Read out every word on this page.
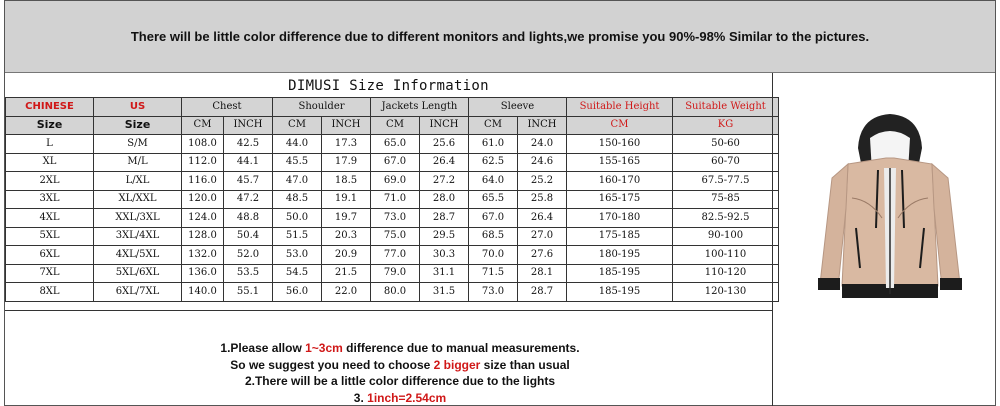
There will be little color difference due to different monitors and lights,we promise you 90%-98% Similar to the pictures.
DIMUSI Size Information
CHINESE	US	Chest		Shoulder		Jackets Length		Sleeve		Suitable Height	Suitable Weight
Size	Size	CM	INCH	CM	INCH	CM	INCH	CM	INCH	CM	KG
L	S/M	108.0	42.5	44.0	17.3	65.0	25.6	61.0	24.0	150-160	50-60
XL	M/L	112.0	44.1	45.5	17.9	67.0	26.4	62.5	24.6	155-165	60-70
2XL	L/XL	116.0	45.7	47.0	18.5	69.0	27.2	64.0	25.2	160-170	67.5-77.5
3XL	XL/XXL	120.0	47.2	48.5	19.1	71.0	28.0	65.5	25.8	165-175	75-85
4XL	XXL/3XL	124.0	48.8	50.0	19.7	73.0	28.7	67.0	26.4	170-180	82.5-92.5
5XL	3XL/4XL	128.0	50.4	51.5	20.3	75.0	29.5	68.5	27.0	175-185	90-100
6XL	4XL/5XL	132.0	52.0	53.0	20.9	77.0	30.3	70.0	27.6	180-195	100-110
7XL	5XL/6XL	136.0	53.5	54.5	21.5	79.0	31.1	71.5	28.1	185-195	110-120
8XL	6XL/7XL	140.0	55.1	56.0	22.0	80.0	31.5	73.0	28.7	185-195	120-130
1.Please allow 1~3cm difference due to manual measurements.
So we suggest you need to choose 2 bigger size than usual
2.There will be a little color difference due to the lights
3. 1inch=2.54cm
